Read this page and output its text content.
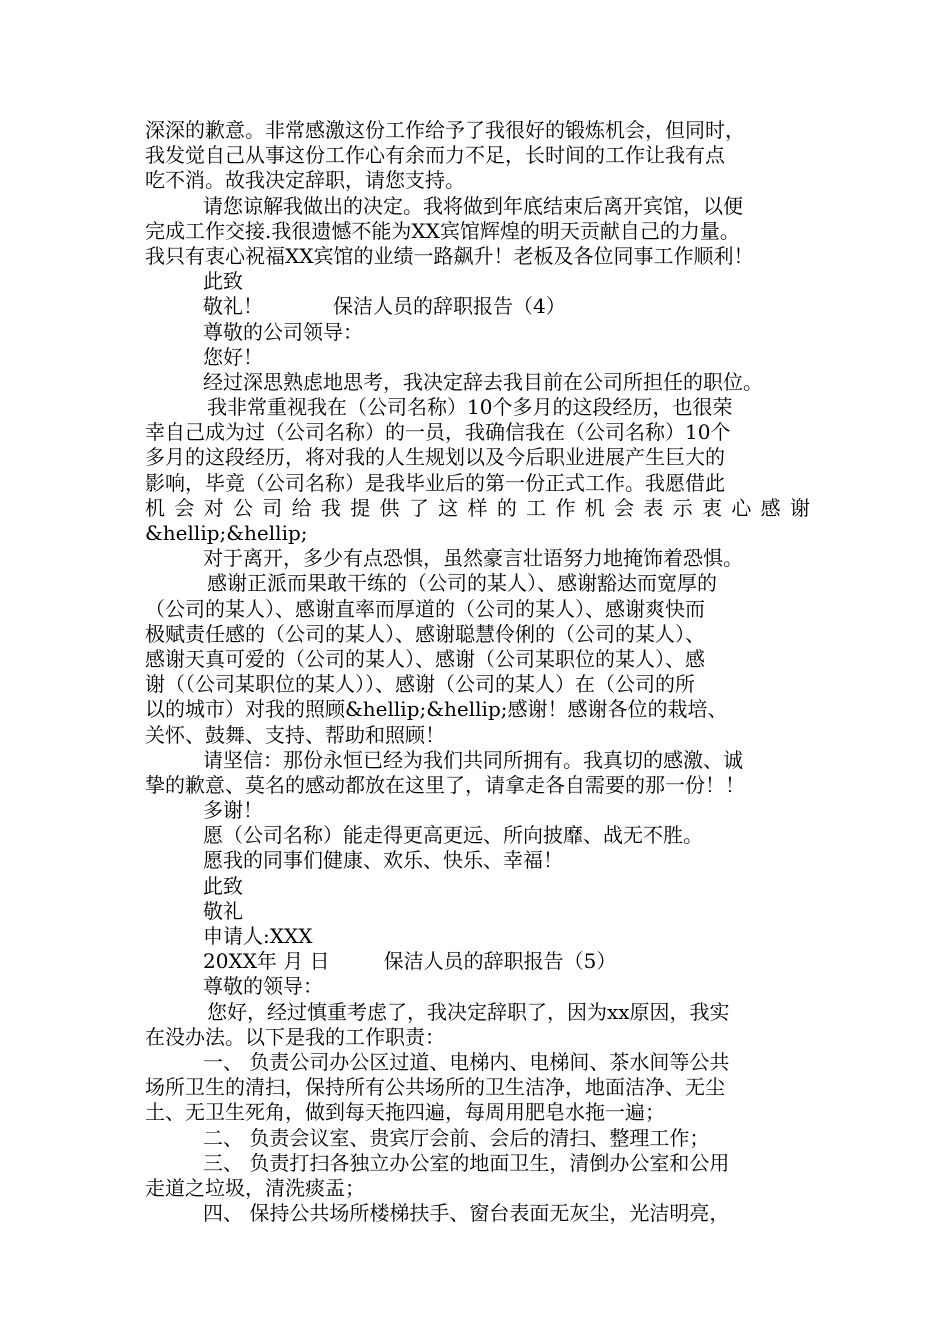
深深的歉意。非常感激这份工作给予了我很好的锻炼机会，但同时，
我发觉自己从事这份工作心有余而力不足，长时间的工作让我有点
吃不消。故我决定辞职，请您支持。
请您谅解我做出的决定。我将做到年底结束后离开宾馆，以便
完成工作交接.我很遗憾不能为XX宾馆辉煌的明天贡献自己的力量。
我只有衷心祝福XX宾馆的业绩一路飙升！老板及各位同事工作顺利！
此致
敬礼！	保洁人员的辞职报告（4）
尊敬的公司领导：
您好！
经过深思熟虑地思考，我决定辞去我目前在公司所担任的职位。
我非常重视我在（公司名称）10个多月的这段经历，也很荣
幸自己成为过（公司名称）的一员，我确信我在（公司名称）10个
多月的这段经历，将对我的人生规划以及今后职业进展产生巨大的
影响，毕竟（公司名称）是我毕业后的第一份正式工作。我愿借此
机会对公司给我提供了这样的工作机会表示衷心感谢
&hellip;&hellip;
对于离开，多少有点恐惧，虽然豪言壮语努力地掩饰着恐惧。
感谢正派而果敢干练的（公司的某人）、感谢豁达而宽厚的
（公司的某人）、感谢直率而厚道的（公司的某人）、感谢爽快而
极赋责任感的（公司的某人）、感谢聪慧伶俐的（公司的某人）、
感谢天真可爱的（公司的某人）、感谢（公司某职位的某人）、感
谢（（公司某职位的某人））、感谢（公司的某人）在（公司的所
以的城市）对我的照顾&hellip;&hellip;感谢！感谢各位的栽培、
关怀、鼓舞、支持、帮助和照顾！
请坚信：那份永恒已经为我们共同所拥有。我真切的感激、诚
挚的歉意、莫名的感动都放在这里了，请拿走各自需要的那一份！！
多谢！
愿（公司名称）能走得更高更远、所向披靡、战无不胜。
愿我的同事们健康、欢乐、快乐、幸福！
此致
敬礼
申请人:XXX
20XX年 月 日	保洁人员的辞职报告（5）
尊敬的领导：
您好，经过慎重考虑了，我决定辞职了，因为xx原因，我实
在没办法。以下是我的工作职责：
一、 负责公司办公区过道、电梯内、电梯间、茶水间等公共
场所卫生的清扫，保持所有公共场所的卫生洁净，地面洁净、无尘
土、无卫生死角，做到每天拖四遍，每周用肥皂水拖一遍；
二、 负责会议室、贵宾厅会前、会后的清扫、整理工作；
三、 负责打扫各独立办公室的地面卫生，清倒办公室和公用
走道之垃圾，清洗痰盂；
四、 保持公共场所楼梯扶手、窗台表面无灰尘，光洁明亮，
